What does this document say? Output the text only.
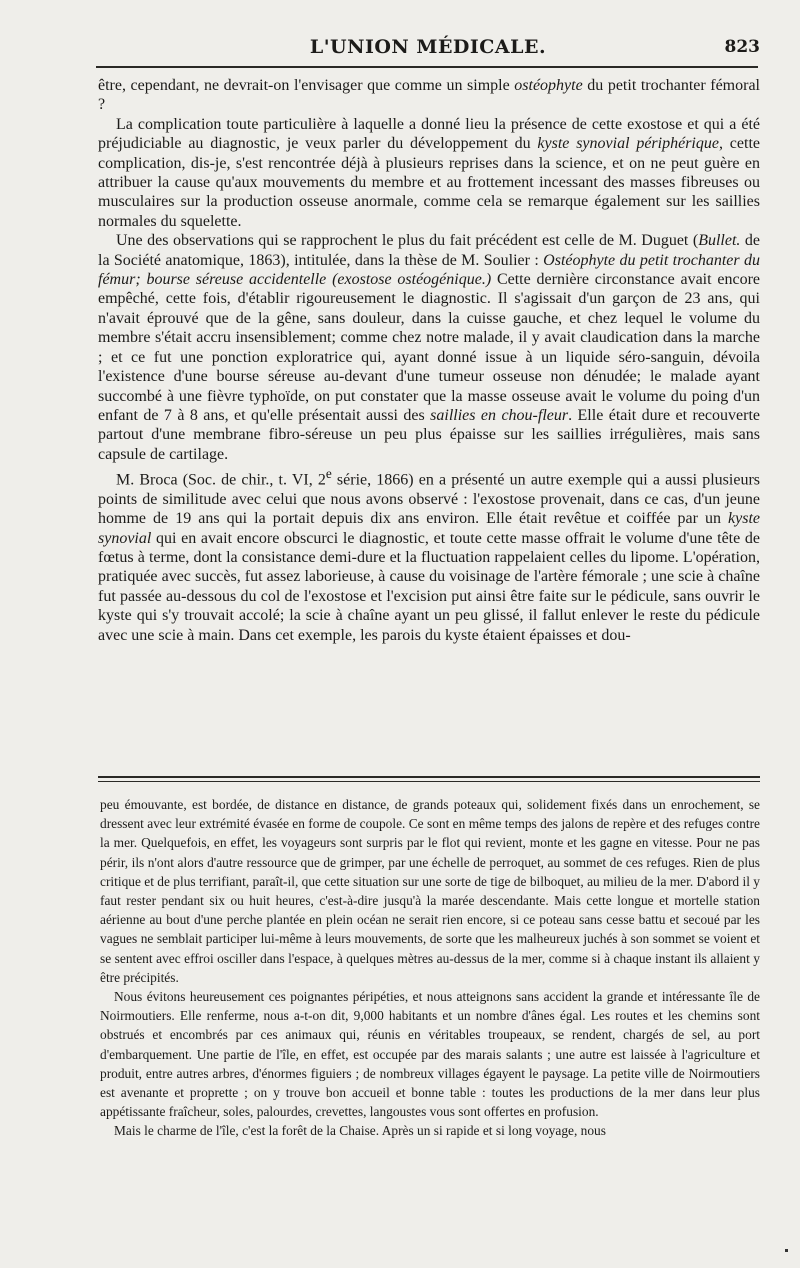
L'UNION MÉDICALE.	823

être, cependant, ne devrait-on l'envisager que comme un simple ostéophyte du petit trochanter fémoral ?

La complication toute particulière à laquelle a donné lieu la présence de cette exostose et qui a été préjudiciable au diagnostic, je veux parler du développement du kyste synovial périphérique, cette complication, dis-je, s'est rencontrée déjà à plusieurs reprises dans la science, et on ne peut guère en attribuer la cause qu'aux mouvements du membre et au frottement incessant des masses fibreuses ou musculaires sur la production osseuse anormale, comme cela se remarque également sur les saillies normales du squelette.

Une des observations qui se rapprochent le plus du fait précédent est celle de M. Duguet (Bullet. de la Société anatomique, 1863), intitulée, dans la thèse de M. Soulier : Ostéophyte du petit trochanter du fémur; bourse séreuse accidentelle (exostose ostéogénique.) Cette dernière circonstance avait encore empêché, cette fois, d'établir rigoureusement le diagnostic. Il s'agissait d'un garçon de 23 ans, qui n'avait éprouvé que de la gêne, sans douleur, dans la cuisse gauche, et chez lequel le volume du membre s'était accru insensiblement; comme chez notre malade, il y avait claudication dans la marche ; et ce fut une ponction exploratrice qui, ayant donné issue à un liquide séro-sanguin, dévoila l'existence d'une bourse séreuse au-devant d'une tumeur osseuse non dénudée; le malade ayant succombé à une fièvre typhoïde, on put constater que la masse osseuse avait le volume du poing d'un enfant de 7 à 8 ans, et qu'elle présentait aussi des saillies en chou-fleur. Elle était dure et recouverte partout d'une membrane fibro-séreuse un peu plus épaisse sur les saillies irrégulières, mais sans capsule de cartilage.

M. Broca (Soc. de chir., t. VI, 2e série, 1866) en a présenté un autre exemple qui a aussi plusieurs points de similitude avec celui que nous avons observé : l'exostose provenait, dans ce cas, d'un jeune homme de 19 ans qui la portait depuis dix ans environ. Elle était revêtue et coiffée par un kyste synovial qui en avait encore obscurci le diagnostic, et toute cette masse offrait le volume d'une tête de fœtus à terme, dont la consistance demi-dure et la fluctuation rappelaient celles du lipome. L'opération, pratiquée avec succès, fut assez laborieuse, à cause du voisinage de l'artère fémorale ; une scie à chaîne fut passée au-dessous du col de l'exostose et l'excision put ainsi être faite sur le pédicule, sans ouvrir le kyste qui s'y trouvait accolé; la scie à chaîne ayant un peu glissé, il fallut enlever le reste du pédicule avec une scie à main. Dans cet exemple, les parois du kyste étaient épaisses et dou-

peu émouvante, est bordée, de distance en distance, de grands poteaux qui, solidement fixés dans un enrochement, se dressent avec leur extrémité évasée en forme de coupole. Ce sont en même temps des jalons de repère et des refuges contre la mer. Quelquefois, en effet, les voyageurs sont surpris par le flot qui revient, monte et les gagne en vitesse. Pour ne pas périr, ils n'ont alors d'autre ressource que de grimper, par une échelle de perroquet, au sommet de ces refuges. Rien de plus critique et de plus terrifiant, paraît-il, que cette situation sur une sorte de tige de bilboquet, au milieu de la mer. D'abord il y faut rester pendant six ou huit heures, c'est-à-dire jusqu'à la marée descendante. Mais cette longue et mortelle station aérienne au bout d'une perche plantée en plein océan ne serait rien encore, si ce poteau sans cesse battu et secoué par les vagues ne semblait participer lui-même à leurs mouvements, de sorte que les malheureux juchés à son sommet se voient et se sentent avec effroi osciller dans l'espace, à quelques mètres au-dessus de la mer, comme si à chaque instant ils allaient y être précipités.

Nous évitons heureusement ces poignantes péripéties, et nous atteignons sans accident la grande et intéressante île de Noirmoutiers. Elle renferme, nous a-t-on dit, 9,000 habitants et un nombre d'ânes égal. Les routes et les chemins sont obstrués et encombrés par ces animaux qui, réunis en véritables troupeaux, se rendent, chargés de sel, au port d'embarquement. Une partie de l'île, en effet, est occupée par des marais salants ; une autre est laissée à l'agriculture et produit, entre autres arbres, d'énormes figuiers ; de nombreux villages égayent le paysage. La petite ville de Noirmoutiers est avenante et proprette ; on y trouve bon accueil et bonne table : toutes les productions de la mer dans leur plus appétissante fraîcheur, soles, palourdes, crevettes, langoustes vous sont offertes en profusion.

Mais le charme de l'île, c'est la forêt de la Chaise. Après un si rapide et si long voyage, nous
